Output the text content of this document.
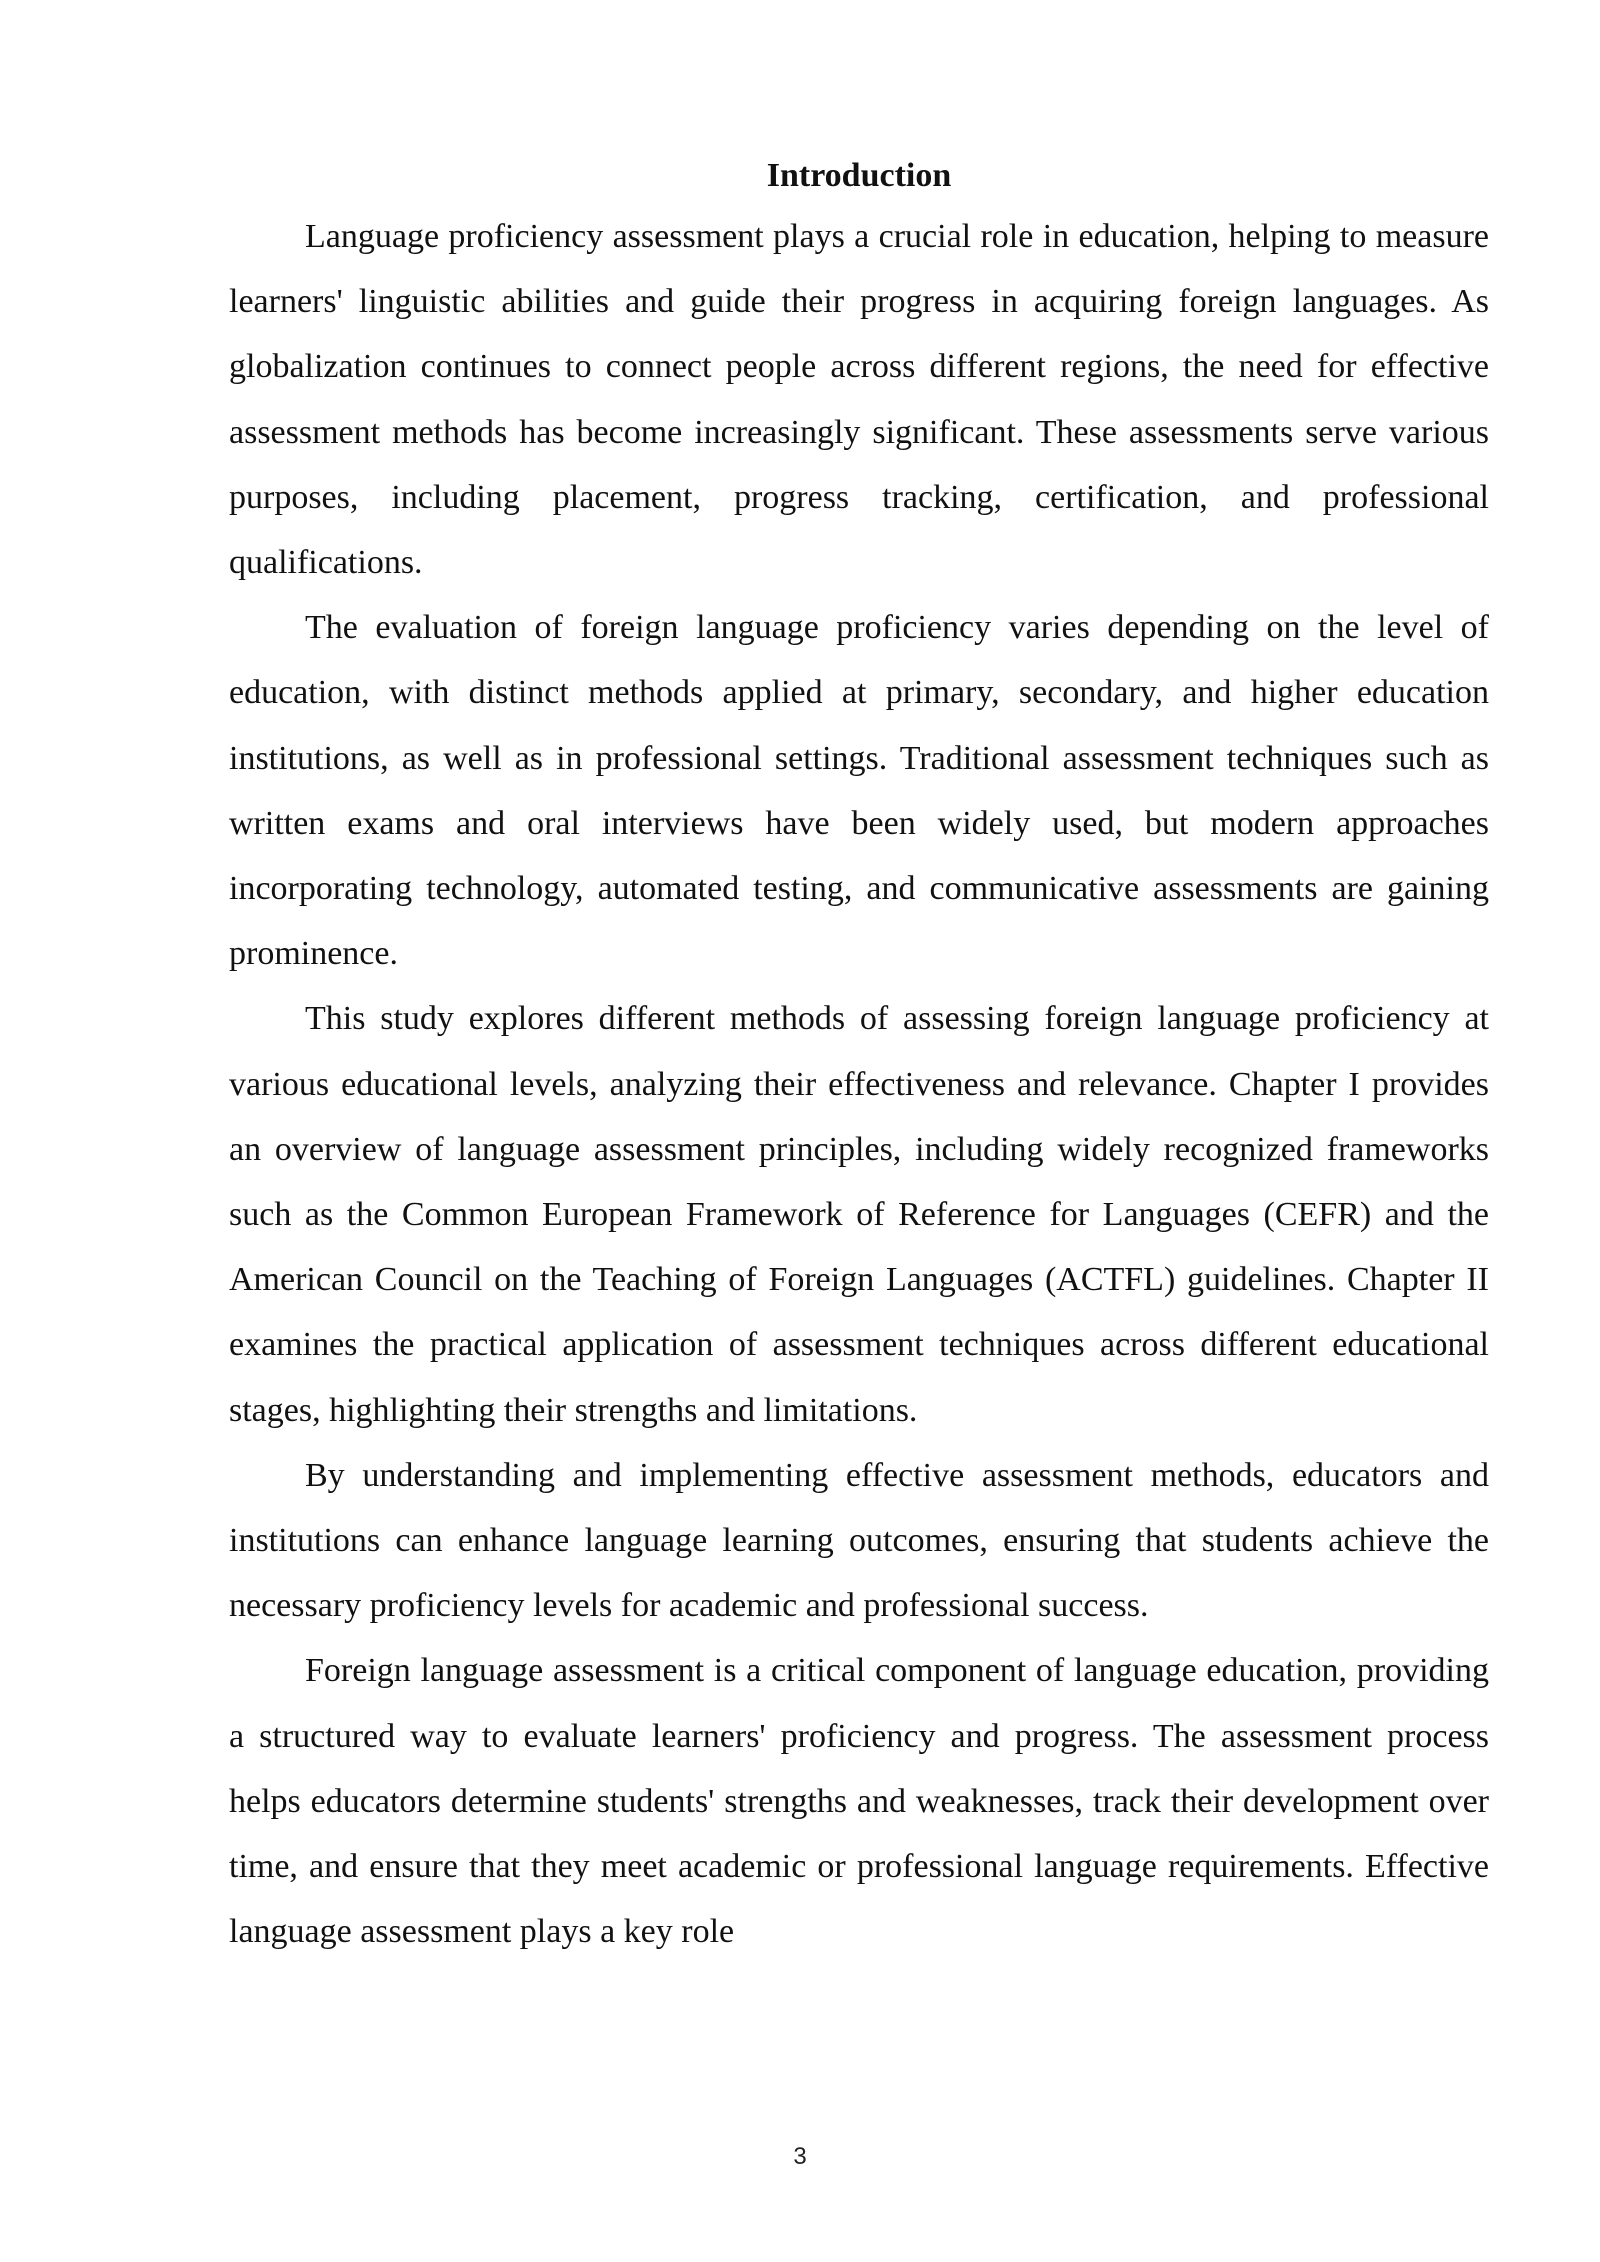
Introduction

Language proficiency assessment plays a crucial role in education, helping to measure learners' linguistic abilities and guide their progress in acquiring foreign languages. As globalization continues to connect people across different regions, the need for effective assessment methods has become increasingly significant. These assessments serve various purposes, including placement, progress tracking, certification, and professional qualifications.

The evaluation of foreign language proficiency varies depending on the level of education, with distinct methods applied at primary, secondary, and higher education institutions, as well as in professional settings. Traditional assessment techniques such as written exams and oral interviews have been widely used, but modern approaches incorporating technology, automated testing, and communicative assessments are gaining prominence.

This study explores different methods of assessing foreign language proficiency at various educational levels, analyzing their effectiveness and relevance. Chapter I provides an overview of language assessment principles, including widely recognized frameworks such as the Common European Framework of Reference for Languages (CEFR) and the American Council on the Teaching of Foreign Languages (ACTFL) guidelines. Chapter II examines the practical application of assessment techniques across different educational stages, highlighting their strengths and limitations.

By understanding and implementing effective assessment methods, educators and institutions can enhance language learning outcomes, ensuring that students achieve the necessary proficiency levels for academic and professional success.

Foreign language assessment is a critical component of language education, providing a structured way to evaluate learners' proficiency and progress. The assessment process helps educators determine students' strengths and weaknesses, track their development over time, and ensure that they meet academic or professional language requirements. Effective language assessment plays a key role

3
